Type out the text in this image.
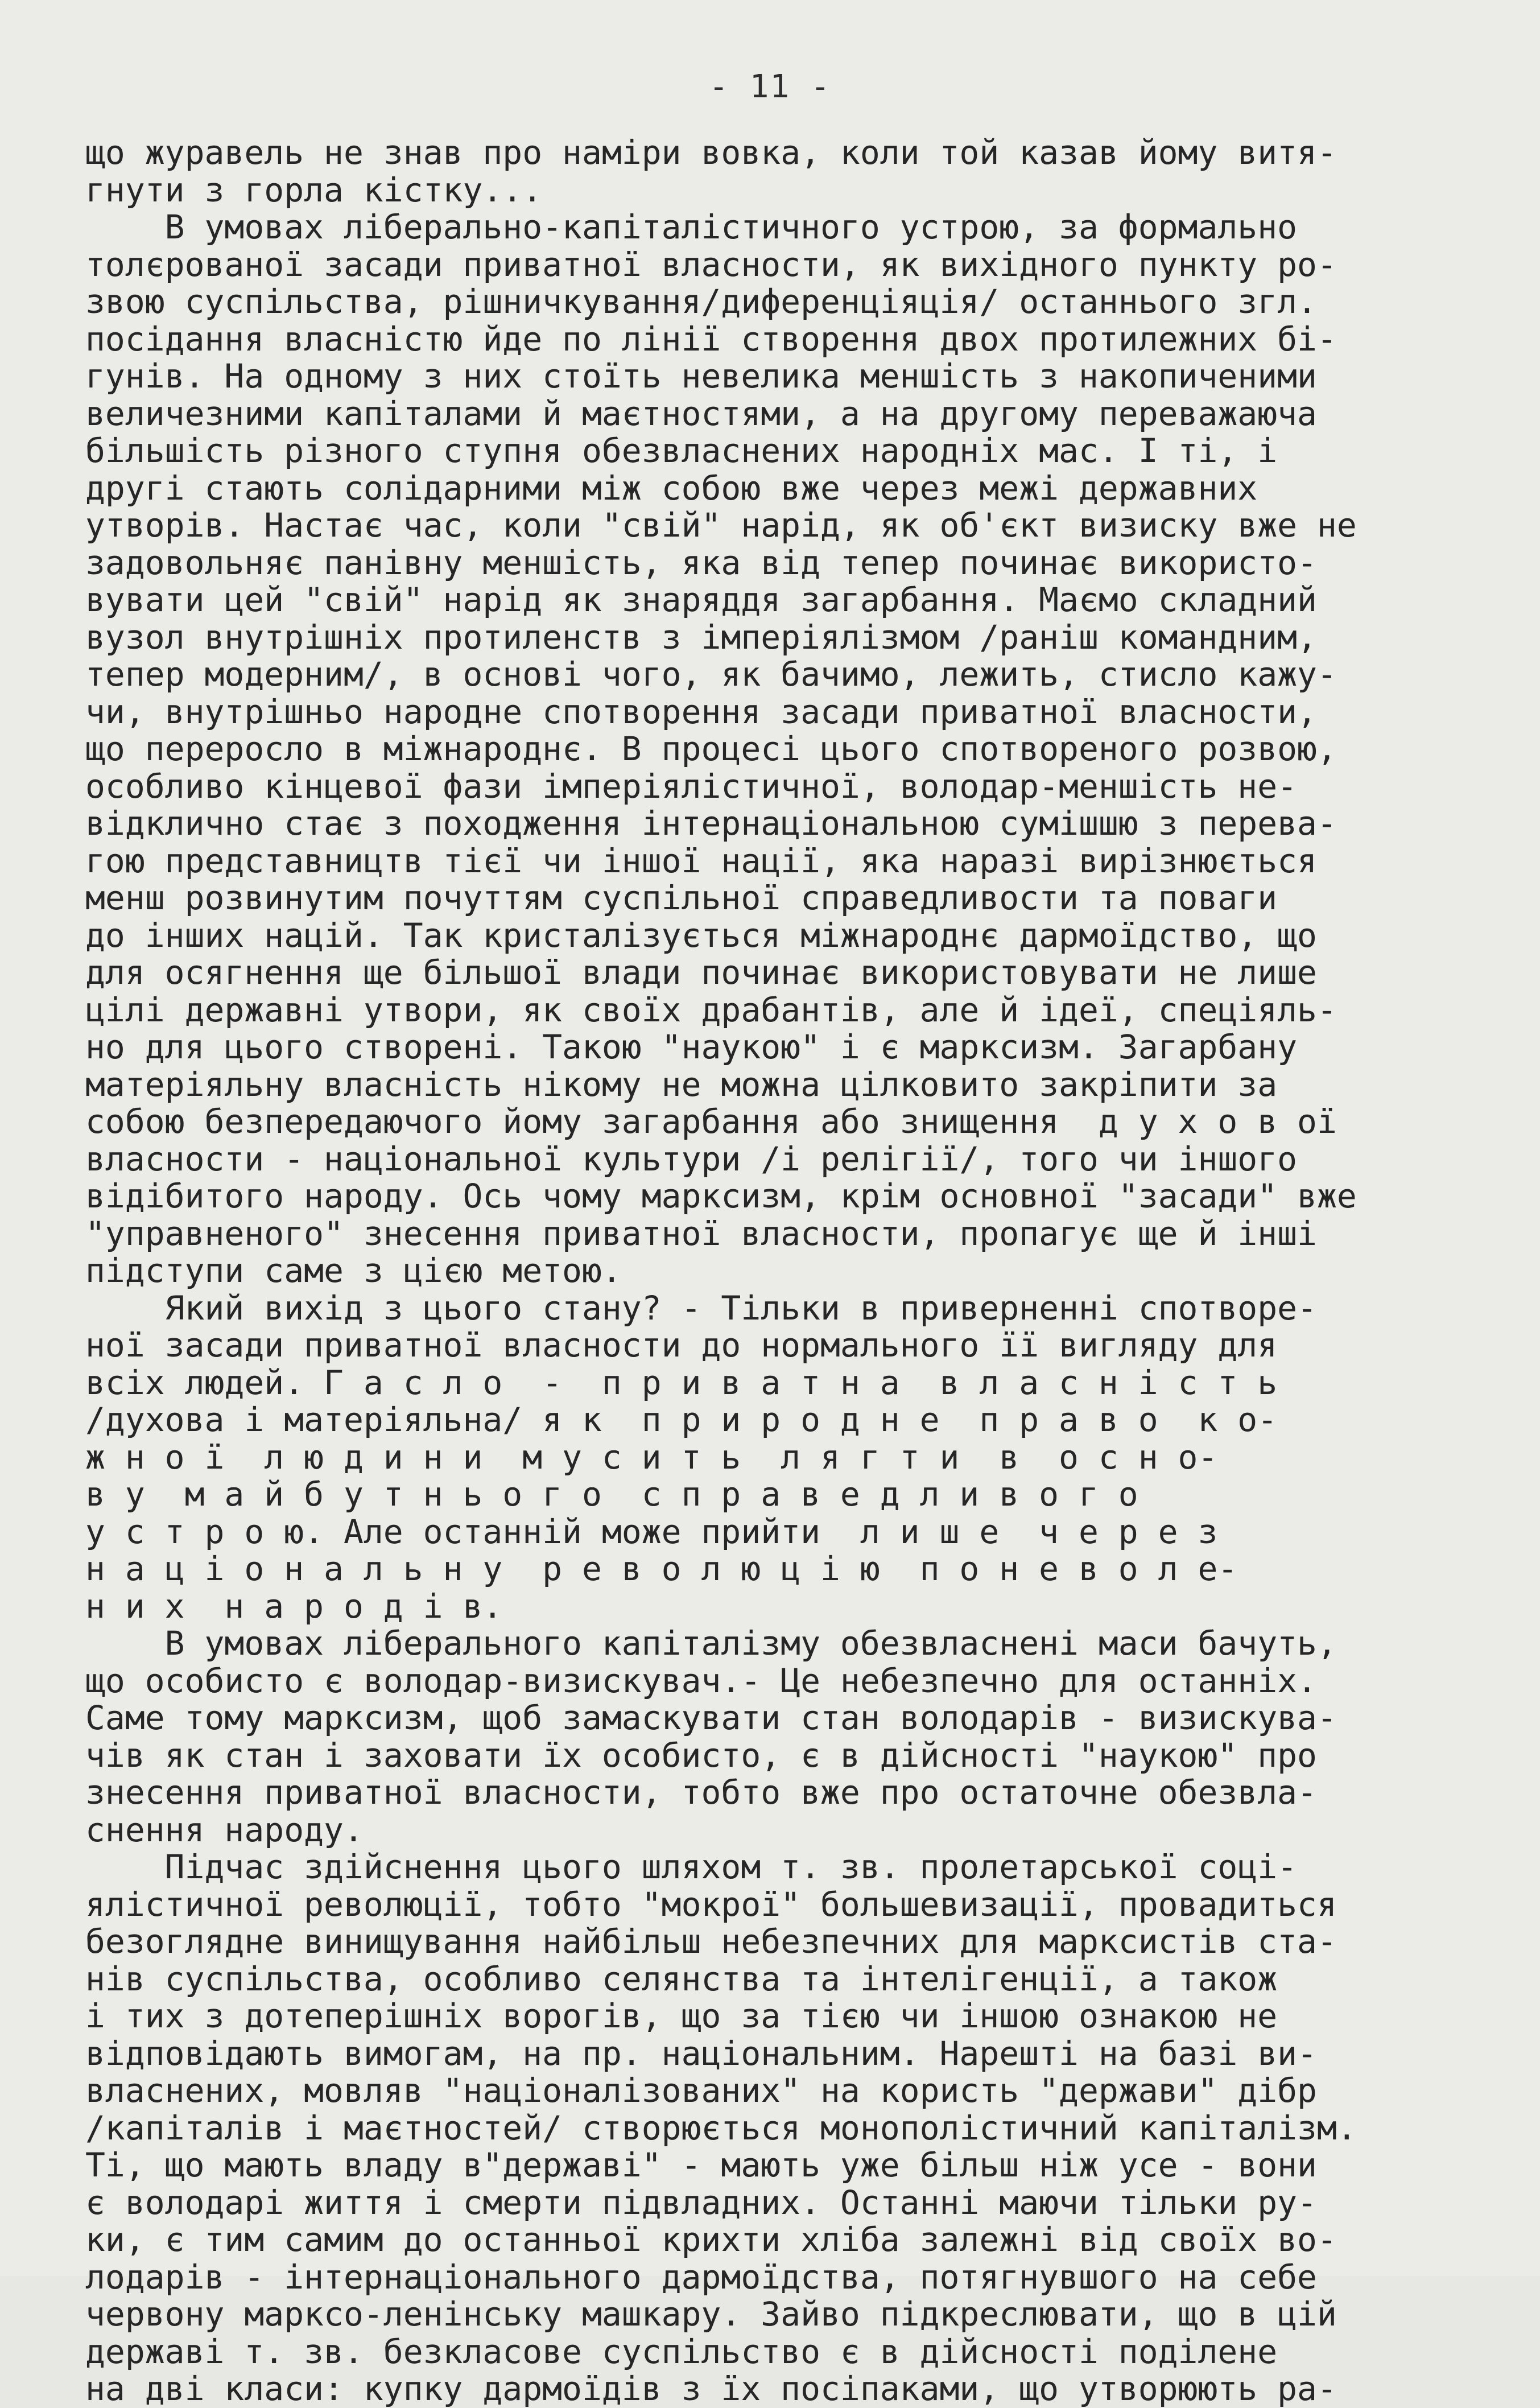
- 11 -
що журавель не знав про наміри вовка, коли той казав йому витя-
гнути з горла кістку...
В умовах ліберально-капіталістичного устрою, за формально
толєрованої засади приватної власности, як вихідного пункту ро-
звою суспільства, рішничкування/диференціяція/ останнього згл.
посідання власністю йде по лінії створення двох протилежних бі-
гунів. На одному з них стоїть невелика меншість з накопиченими
величезними капіталами й маєтностями, а на другому переважаюча
більшість різного ступня обезвласнених народніх мас. І ті, і
другі стають солідарними між собою вже через межі державних
утворів. Настає час, коли "свій" нарід, як об'єкт визиску вже не
задовольняє панівну меншість, яка від тепер починає використо-
вувати цей "свій" нарід як знаряддя загарбання. Маємо складний
вузол внутрішніх протиленств з імперіялізмом /раніш командним,
тепер модерним/, в основі чого, як бачимо, лежить, стисло кажу-
чи, внутрішньо народне спотворення засади приватної власности,
що переросло в міжнароднє. В процесі цього спотвореного розвою,
особливо кінцевої фази імперіялістичної, володар-меншість не-
відкличнo стає з походження інтернаціональною сумішшю з перева-
гою представництв тієї чи іншої нації, яка наразі вирізнюється
менш розвинутим почуттям суспільної справедливости та поваги
до інших націй. Так кристалізується міжнароднє дармоїдство, що
для осягнення ще більшої влади починає використовувати не лише
цілі державні утвори, як своїх драбантів, але й ідеї, спеціяль-
но для цього створені. Такою "наукою" і є марксизм. Загарбану
матеріяльну власність нікому не можна цілковито закріпити за
собою безпередаючого йому загарбання або знищення  д у х о в ої
власности - національної культури /і релігії/, того чи іншого
відібитого народу. Ось чому марксизм, крім основної "засади" вже
"управненого" знесення приватної власности, пропагує ще й інші
підступи саме з цією метою.
Який вихід з цього стану? - Тільки в приверненні спотворе-
ної засади приватної власности до нормального її вигляду для
всіх людей. Г а с л о  -  п р и в а т н а  в л а с н і с т ь
/духова і матеріяльна/ я к  п р и р о д н е  п р а в о  к о-
ж н о ї  л ю д и н и  м у с и т ь  л я г т и  в  о с н о-
в у  м а й б у т н ь о г о  с п р а в е д л и в о г о
у с т р о ю. Але останній може прийти  л и ш е  ч е р е з
н а ц і о н а л ь н у  р е в о л ю ц і ю  п о н е в о л е-
н и х  н а р о д і в.
В умовах ліберального капіталізму обезвласнені маси бачуть,
що особисто є володар-визискувач.- Це небезпечно для останніх.
Саме тому марксизм, щоб замаскувати стан володарів - визискува-
чів як стан і заховати їх особисто, є в дійсності "наукою" про
знесення приватної власности, тобто вже про остаточне обезвла-
снення народу.
Підчас здійснення цього шляхом т. зв. пролетарської соці-
ялістичної революції, тобто "мокрої" большевизації, провадиться
безоглядне винищування найбільш небезпечних для марксистів ста-
нів суспільства, особливо селянства та інтелігенції, а також
і тих з дотеперішніх ворогів, що за тією чи іншою ознакою не
відповідають вимогам, на пр. національним. Нарешті на базі ви-
власнених, мовляв "націоналізованих" на користь "держави" дібр
/капіталів і маєтностей/ створюється монополістичний капіталізм.
Ті, що мають владу в"державі" - мають уже більш ніж усе - вони
є володарі життя і смерти підвладних. Останні маючи тільки ру-
ки, є тим самим до останньої крихти хліба залежні від своїх во-
лодарів - інтернаціонального дармоїдства, потягнувшого на себе
червону марксо-ленінську машкару. Зайво підкреслювати, що в цій
державі т. зв. безкласове суспільство є в дійсності поділене
на дві класи: купку дармоїдів з їх посіпаками, що утворюють ра-
